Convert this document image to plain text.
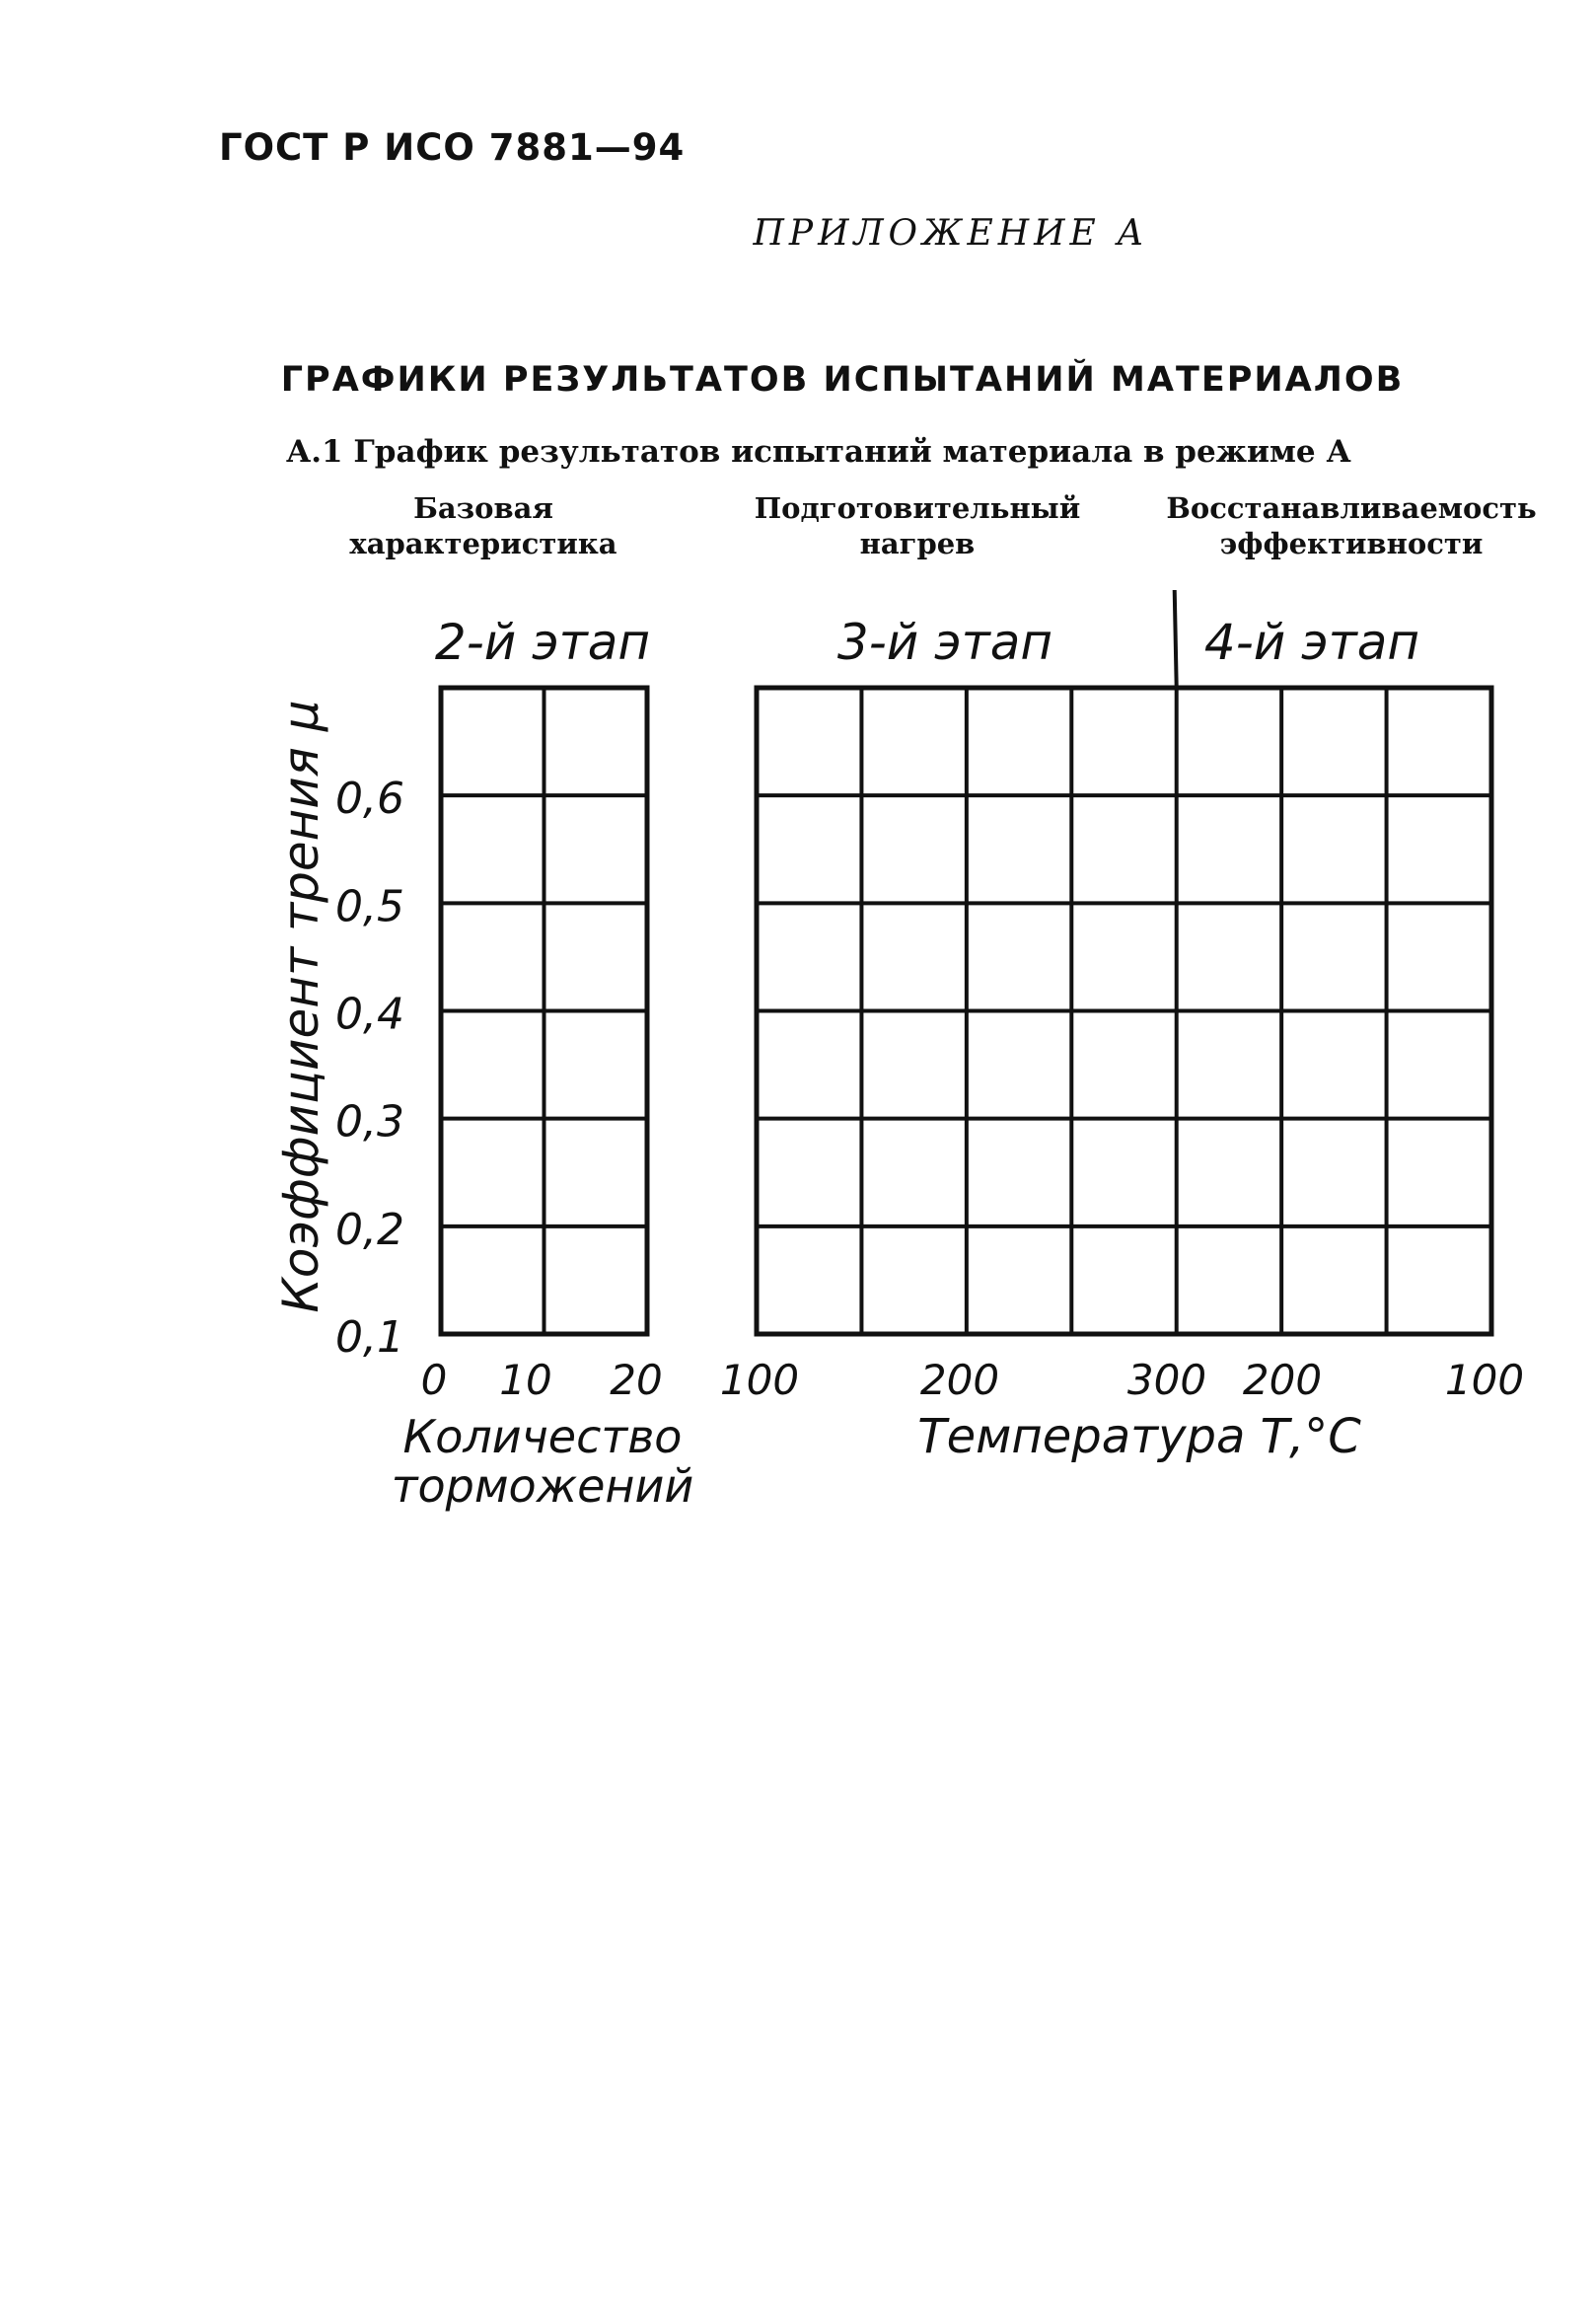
ГОСТ Р ИСО 7881—94
ПРИЛОЖЕНИЕ А
ГРАФИКИ РЕЗУЛЬТАТОВ ИСПЫТАНИЙ МАТЕРИАЛОВ
А.1 График результатов испытаний материала в режиме А
Базовая
характеристика
Подготовительный
нагрев
Восстанавливаемость
эффективности
2-й этап	3-й этап	4-й этап
0,1
0,2
0,3
0,4
0,5
0,6
Коэффициент трения μ
0 10 20
Количество
торможений
100	200	300 200	100
Температура Т,°С
